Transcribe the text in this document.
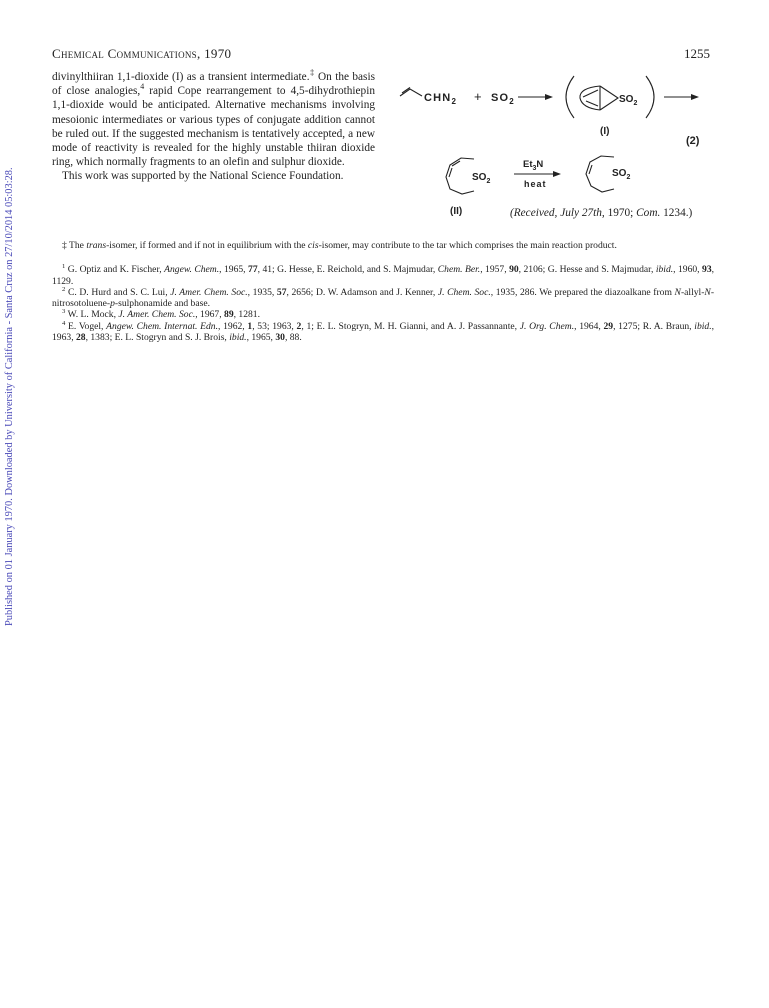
Published on 01 January 1970. Downloaded by University of California - Santa Cruz on 27/10/2014 05:03:28.
Chemical Communications, 1970	1255

divinylthiiran 1,1-dioxide (I) as a transient intermediate.‡ On the basis of close analogies,$^4$ rapid Cope rearrangement to 4,5-dihydrothiepin 1,1-dioxide would be anticipated. Alternative mechanisms involving mesoionic intermediates or various types of conjugate addition cannot be ruled out. If the suggested mechanism is tentatively accepted, a new mode of reactivity is revealed for the highly unstable thiiran dioxide ring, which normally fragments to an olefin and sulphur dioxide.

This work was supported by the National Science Foundation.

$CHN_2 + SO_2$	$SO_2$
(I)
(2)
$SO_2$
(II)
$Et_3N$
heat
$SO_2$
(Received, July 27th, 1970; Com. 1234.)

‡ The trans-isomer, if formed and if not in equilibrium with the cis-isomer, may contribute to the tar which comprises the main reaction product.

$^1$ G. Optiz and K. Fischer, Angew. Chem., 1965, 77, 41; G. Hesse, E. Reichold, and S. Majmudar, Chem. Ber., 1957, 90, 2106; G. Hesse and S. Majmudar, ibid., 1960, 93, 1129.

$^2$ C. D. Hurd and S. C. Lui, J. Amer. Chem. Soc., 1935, 57, 2656; D. W. Adamson and J. Kenner, J. Chem. Soc., 1935, 286. We prepared the diazoalkane from N-allyl-N-nitrosotoluene-p-sulphonamide and base.

$^3$ W. L. Mock, J. Amer. Chem. Soc., 1967, 89, 1281.

$^4$ E. Vogel, Angew. Chem. Internat. Edn., 1962, 1, 53; 1963, 2, 1; E. L. Stogryn, M. H. Gianni, and A. J. Passannante, J. Org. Chem., 1964, 29, 1275; R. A. Braun, ibid., 1963, 28, 1383; E. L. Stogryn and S. J. Brois, ibid., 1965, 30, 88.
